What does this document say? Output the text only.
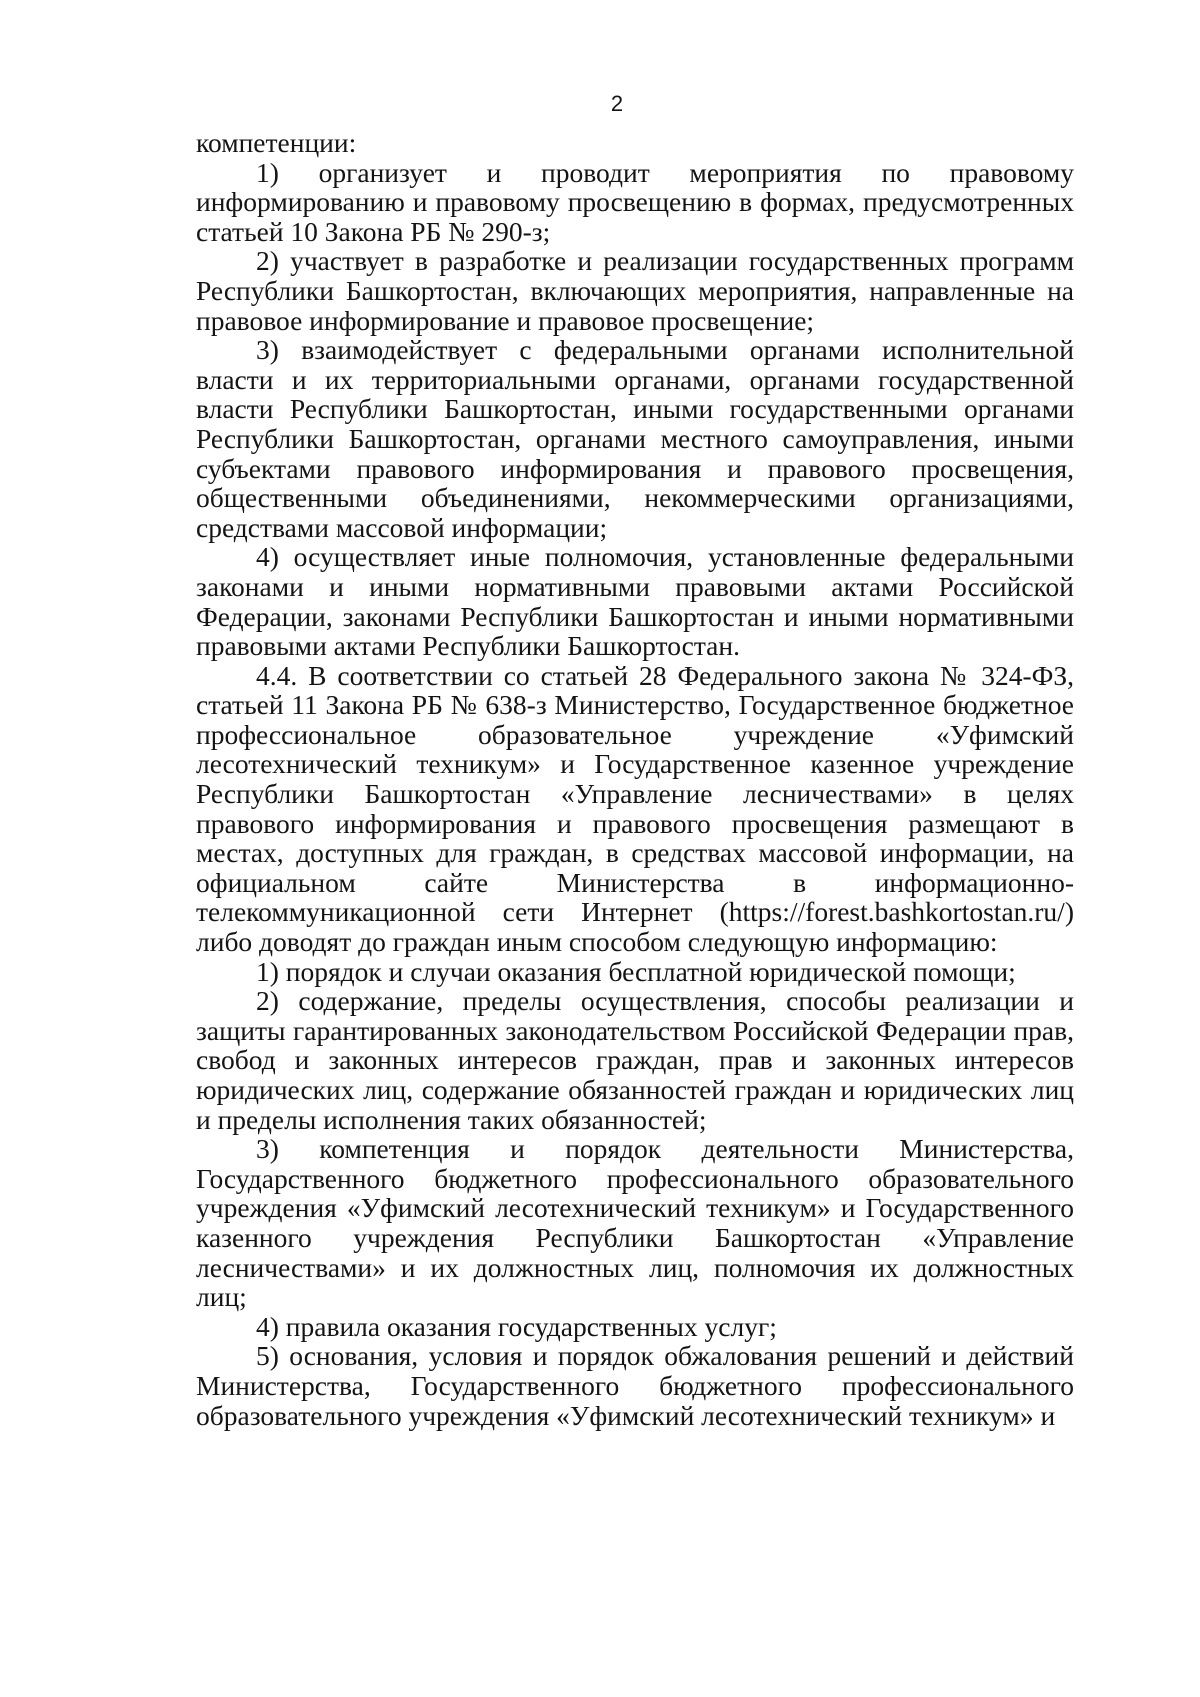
2

компетенции:

1) организует и проводит мероприятия по правовому информированию и правовому просвещению в формах, предусмотренных статьей 10 Закона РБ № 290-з;

2) участвует в разработке и реализации государственных программ Республики Башкортостан, включающих мероприятия, направленные на правовое информирование и правовое просвещение;

3) взаимодействует с федеральными органами исполнительной власти и их территориальными органами, органами государственной власти Республики Башкортостан, иными государственными органами Республики Башкортостан, органами местного самоуправления, иными субъектами правового информирования и правового просвещения, общественными объединениями, некоммерческими организациями, средствами массовой информации;

4) осуществляет иные полномочия, установленные федеральными законами и иными нормативными правовыми актами Российской Федерации, законами Республики Башкортостан и иными нормативными правовыми актами Республики Башкортостан.

4.4. В соответствии со статьей 28 Федерального закона № 324-ФЗ, статьей 11 Закона РБ № 638-з Министерство, Государственное бюджетное профессиональное образовательное учреждение «Уфимский лесотехнический техникум» и Государственное казенное учреждение Республики Башкортостан «Управление лесничествами» в целях правового информирования и правового просвещения размещают в местах, доступных для граждан, в средствах массовой информации, на официальном сайте Министерства в информационно-телекоммуникационной сети Интернет (https://forest.bashkortostan.ru/) либо доводят до граждан иным способом следующую информацию:

1) порядок и случаи оказания бесплатной юридической помощи;

2) содержание, пределы осуществления, способы реализации и защиты гарантированных законодательством Российской Федерации прав, свобод и законных интересов граждан, прав и законных интересов юридических лиц, содержание обязанностей граждан и юридических лиц и пределы исполнения таких обязанностей;

3) компетенция и порядок деятельности Министерства, Государственного бюджетного профессионального образовательного учреждения «Уфимский лесотехнический техникум» и Государственного казенного учреждения Республики Башкортостан «Управление лесничествами» и их должностных лиц, полномочия их должностных лиц;

4) правила оказания государственных услуг;

5) основания, условия и порядок обжалования решений и действий Министерства, Государственного бюджетного профессионального образовательного учреждения «Уфимский лесотехнический техникум» и
